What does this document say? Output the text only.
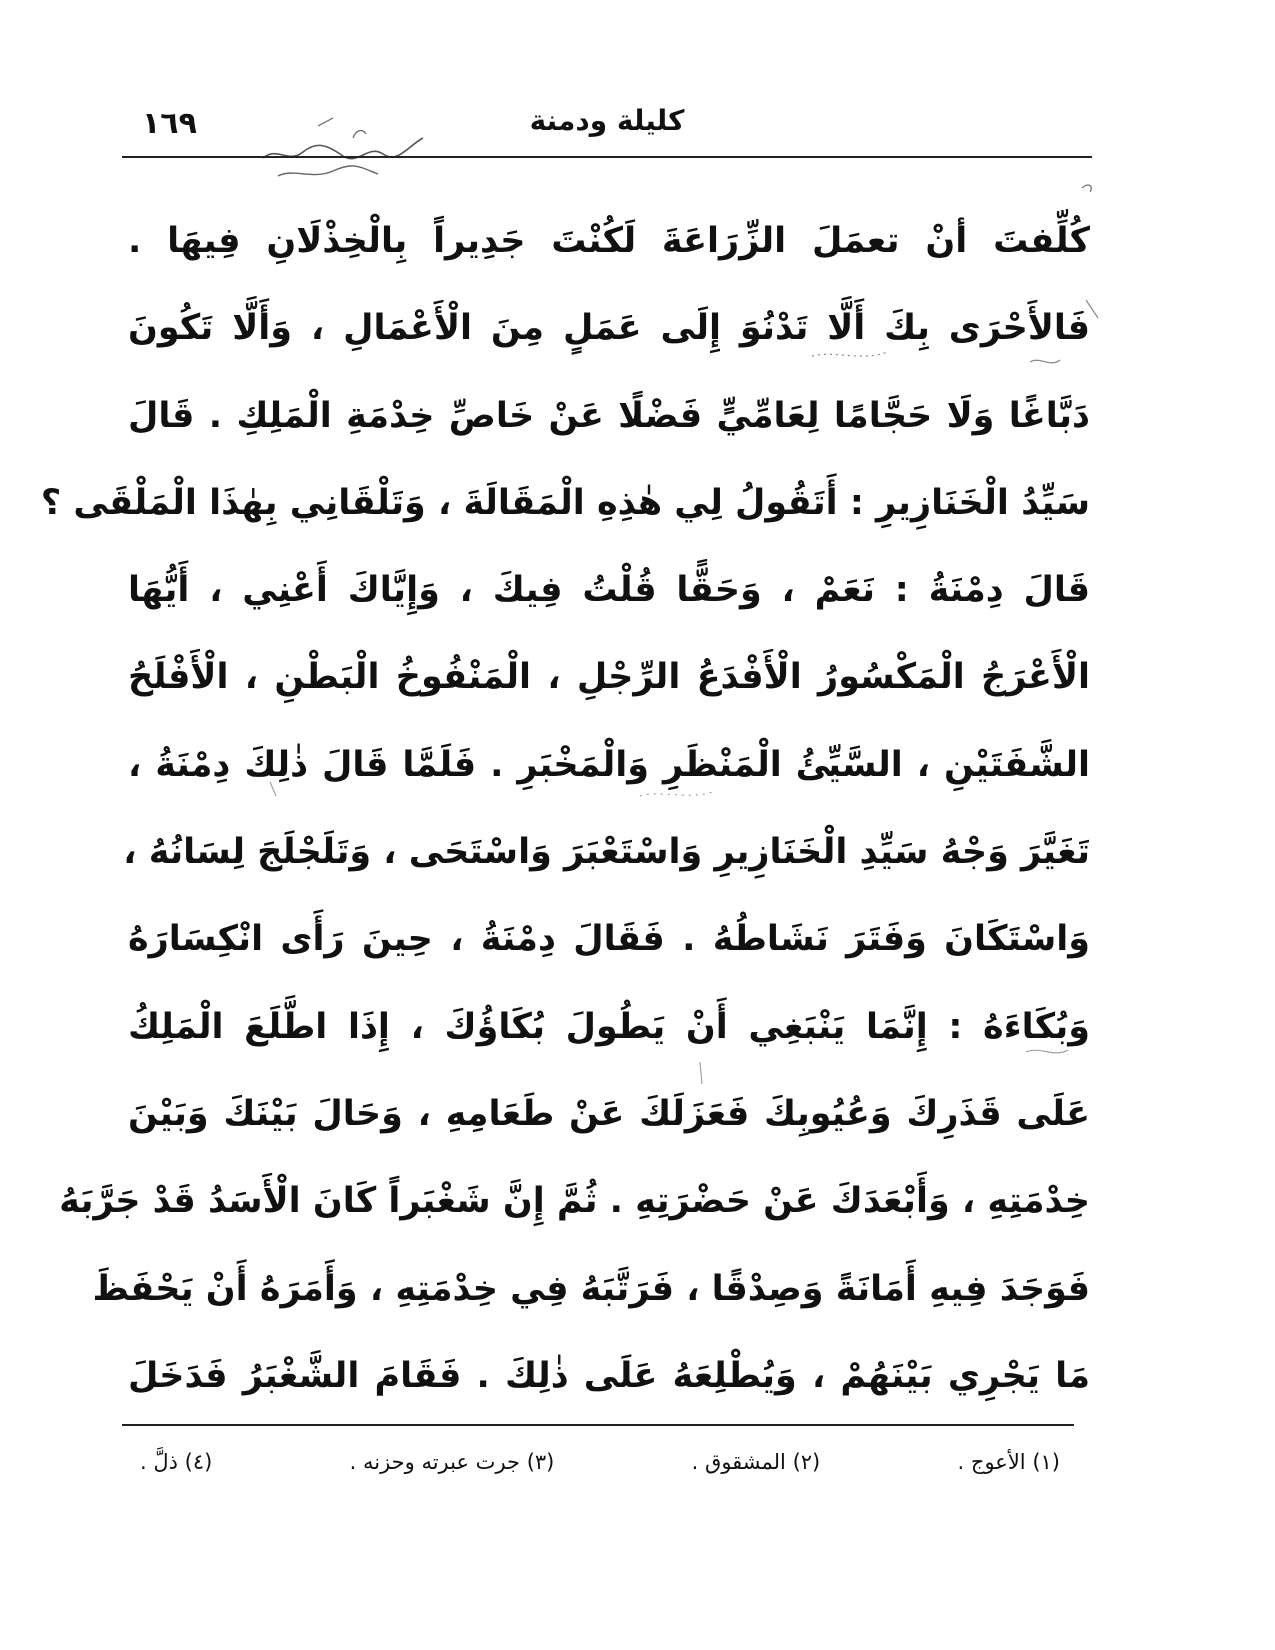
١٦٩	كليلة ودمنة
كُلِّفتَ أنْ تعمَلَ الزِّرَاعَةَ لَكُنْتَ جَدِيراً بِالْخِذْلَانِ فِيهَا .
فَالأَحْرَى بِكَ أَلَّا تَدْنُوَ إِلَى عَمَلٍ مِنَ الْأَعْمَالِ ، وَأَلَّا تَكُونَ
دَبَّاغًا وَلَا حَجَّامًا لِعَامِّيٍّ فَضْلًا عَنْ خَاصِّ خِدْمَةِ الْمَلِكِ . قَالَ
سَيِّدُ الْخَنَازِيرِ : أَتَقُولُ لِي هٰذِهِ الْمَقَالَةَ ، وَتَلْقَانِي بِهٰذَا الْمَلْقَى ؟
قَالَ دِمْنَةُ : نَعَمْ ، وَحَقًّا قُلْتُ فِيكَ ، وَإِيَّاكَ أَعْنِي ، أَيُّهَا
الْأَعْرَجُ الْمَكْسُورُ الْأَفْدَعُ الرِّجْلِ ، الْمَنْفُوخُ الْبَطْنِ ، الْأَفْلَحُ
الشَّفَتَيْنِ ، السَّيِّئُ الْمَنْظَرِ وَالْمَخْبَرِ . فَلَمَّا قَالَ ذٰلِكَ دِمْنَةُ ،
تَغَيَّرَ وَجْهُ سَيِّدِ الْخَنَازِيرِ وَاسْتَعْبَرَ وَاسْتَحَى ، وَتَلَجْلَجَ لِسَانُهُ ،
وَاسْتَكَانَ وَفَتَرَ نَشَاطُهُ . فَقَالَ دِمْنَةُ ، حِينَ رَأَى انْكِسَارَهُ
وَبُكَاءَهُ : إِنَّمَا يَنْبَغِي أَنْ يَطُولَ بُكَاؤُكَ ، إِذَا اطَّلَعَ الْمَلِكُ
عَلَى قَذَرِكَ وَعُيُوبِكَ فَعَزَلَكَ عَنْ طَعَامِهِ ، وَحَالَ بَيْنَكَ وَبَيْنَ
خِدْمَتِهِ ، وَأَبْعَدَكَ عَنْ حَضْرَتِهِ . ثُمَّ إِنَّ شَغْبَراً كَانَ الْأَسَدُ قَدْ جَرَّبَهُ
فَوَجَدَ فِيهِ أَمَانَةً وَصِدْقًا ، فَرَتَّبَهُ فِي خِدْمَتِهِ ، وَأَمَرَهُ أَنْ يَحْفَظَ
مَا يَجْرِي بَيْنَهُمْ ، وَيُطْلِعَهُ عَلَى ذٰلِكَ . فَقَامَ الشَّغْبَرُ فَدَخَلَ
(١) الأعوج .
(٢) المشقوق .
(٣) جرت عبرته وحزنه .
(٤) ذلَّ .
